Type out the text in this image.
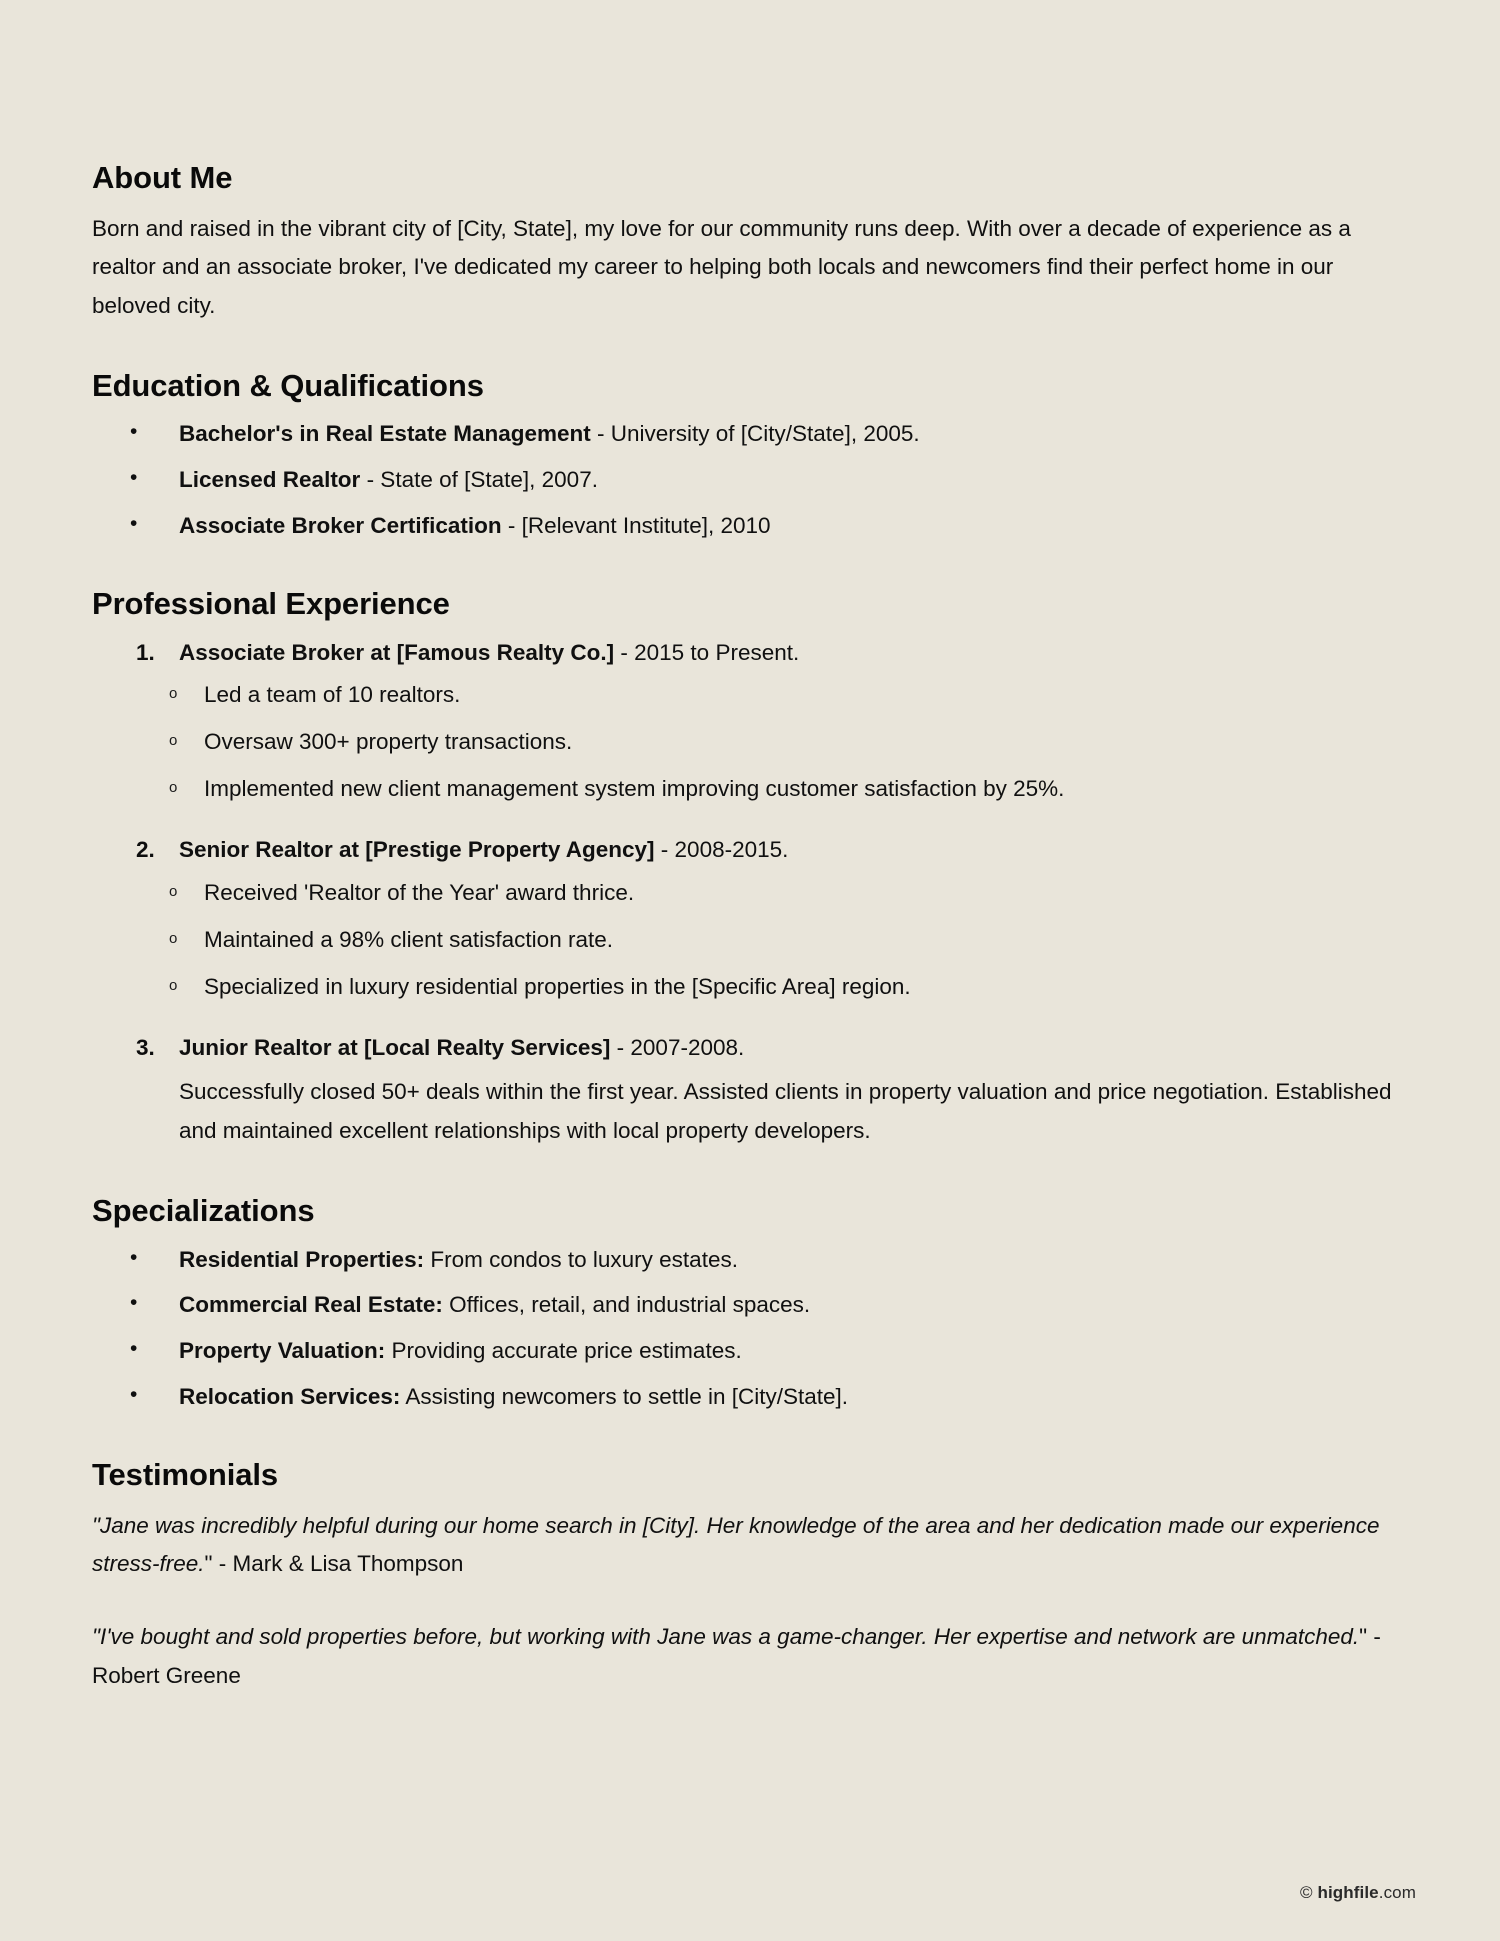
About Me

Born and raised in the vibrant city of [City, State], my love for our community runs deep. With over a decade of experience as a realtor and an associate broker, I've dedicated my career to helping both locals and newcomers find their perfect home in our beloved city.

Education & Qualifications
• Bachelor's in Real Estate Management - University of [City/State], 2005.
• Licensed Realtor - State of [State], 2007.
• Associate Broker Certification - [Relevant Institute], 2010
Professional Experience
Associate Broker at [Famous Realty Co.] - 2015 to Present.
o Led a team of 10 realtors.
o Oversaw 300+ property transactions.
o Implemented new client management system improving customer satisfaction by 25%.
Senior Realtor at [Prestige Property Agency] - 2008-2015.
o Received 'Realtor of the Year' award thrice.
o Maintained a 98% client satisfaction rate.
o Specialized in luxury residential properties in the [Specific Area] region.
Junior Realtor at [Local Realty Services] - 2007-2008.

Successfully closed 50+ deals within the first year. Assisted clients in property valuation and price negotiation. Established and maintained excellent relationships with local property developers.

Specializations
• Residential Properties: From condos to luxury estates.
• Commercial Real Estate: Offices, retail, and industrial spaces.
• Property Valuation: Providing accurate price estimates.
• Relocation Services: Assisting newcomers to settle in [City/State].
Testimonials

"Jane was incredibly helpful during our home search in [City]. Her knowledge of the area and her dedication made our experience stress-free." - Mark & Lisa Thompson

"I've bought and sold properties before, but working with Jane was a game-changer. Her expertise and network are unmatched." - Robert Greene

© highfile.com
